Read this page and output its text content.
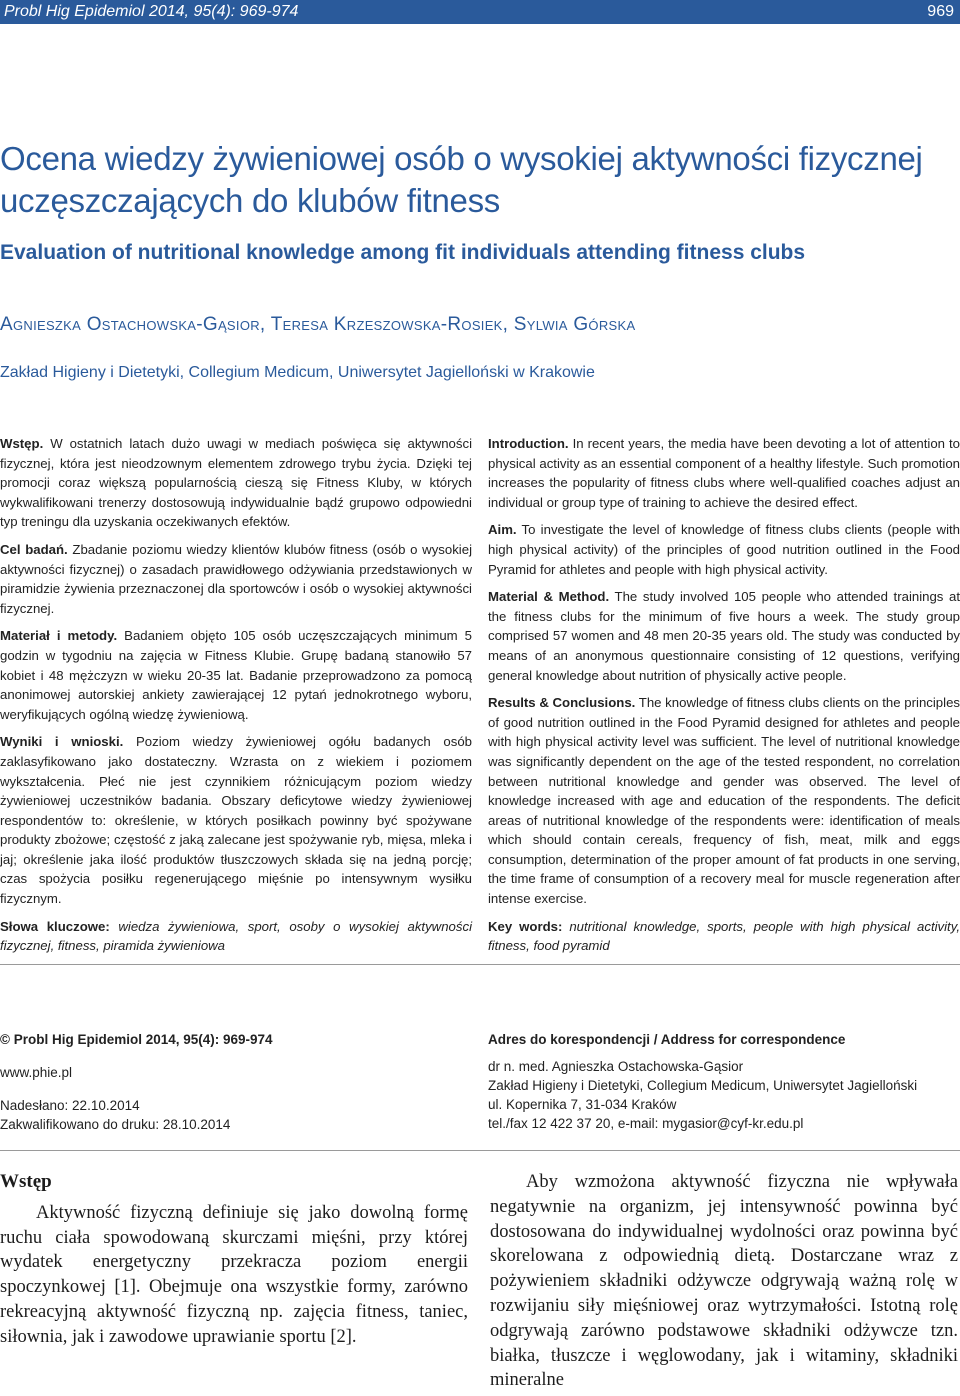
Probl Hig Epidemiol 2014, 95(4): 969-974	969
Ocena wiedzy żywieniowej osób o wysokiej aktywności fizycznej uczęszczających do klubów fitness
Evaluation of nutritional knowledge among fit individuals attending fitness clubs
Agnieszka Ostachowska-Gąsior, Teresa Krzeszowska-Rosiek, Sylwia Górska
Zakład Higieny i Dietetyki, Collegium Medicum, Uniwersytet Jagielloński w Krakowie

Wstęp. W ostatnich latach dużo uwagi w mediach poświęca się aktywności fizycznej, która jest nieodzownym elementem zdrowego trybu życia. Dzięki tej promocji coraz większą popularnością cieszą się Fitness Kluby, w których wykwalifikowani trenerzy dostosowują indywidualnie bądź grupowo odpowiedni typ treningu dla uzyskania oczekiwanych efektów.

Cel badań. Zbadanie poziomu wiedzy klientów klubów fitness (osób o wysokiej aktywności fizycznej) o zasadach prawidłowego odżywiania przedstawionych w piramidzie żywienia przeznaczonej dla sportowców i osób o wysokiej aktywności fizycznej.

Materiał i metody. Badaniem objęto 105 osób uczęszczających minimum 5 godzin w tygodniu na zajęcia w Fitness Klubie. Grupę badaną stanowiło 57 kobiet i 48 mężczyzn w wieku 20-35 lat. Badanie przeprowadzono za pomocą anonimowej autorskiej ankiety zawierającej 12 pytań jednokrotnego wyboru, weryfikujących ogólną wiedzę żywieniową.

Wyniki i wnioski. Poziom wiedzy żywieniowej ogółu badanych osób zaklasyfikowano jako dostateczny. Wzrasta on z wiekiem i poziomem wykształcenia. Płeć nie jest czynnikiem różnicującym poziom wiedzy żywieniowej uczestników badania. Obszary deficytowe wiedzy żywieniowej respondentów to: określenie, w których posiłkach powinny być spożywane produkty zbożowe; częstość z jaką zalecane jest spożywanie ryb, mięsa, mleka i jaj; określenie jaka ilość produktów tłuszczowych składa się na jedną porcję; czas spożycia posiłku regenerującego mięśnie po intensywnym wysiłku fizycznym.

Słowa kluczowe: wiedza żywieniowa, sport, osoby o wysokiej aktywności fizycznej, fitness, piramida żywieniowa

Introduction. In recent years, the media have been devoting a lot of attention to physical activity as an essential component of a healthy lifestyle. Such promotion increases the popularity of fitness clubs where well-qualified coaches adjust an individual or group type of training to achieve the desired effect.

Aim. To investigate the level of knowledge of fitness clubs clients (people with high physical activity) of the principles of good nutrition outlined in the Food Pyramid for athletes and people with high physical activity.

Material & Method. The study involved 105 people who attended trainings at the fitness clubs for the minimum of five hours a week. The study group comprised 57 women and 48 men 20-35 years old. The study was conducted by means of an anonymous questionnaire consisting of 12 questions, verifying general knowledge about nutrition of physically active people.

Results & Conclusions. The knowledge of fitness clubs clients on the principles of good nutrition outlined in the Food Pyramid designed for athletes and people with high physical activity level was sufficient. The level of nutritional knowledge was significantly dependent on the age of the tested respondent, no correlation between nutritional knowledge and gender was observed. The level of knowledge increased with age and education of the respondents. The deficit areas of nutritional knowledge of the respondents were: identification of meals which should contain cereals, frequency of fish, meat, milk and eggs consumption, determination of the proper amount of fat products in one serving, the time frame of consumption of a recovery meal for muscle regeneration after intense exercise.

Key words: nutritional knowledge, sports, people with high physical activity, fitness, food pyramid

© Probl Hig Epidemiol 2014, 95(4): 969-974

www.phie.pl

Nadesłano: 22.10.2014

Zakwalifikowano do druku: 28.10.2014

Adres do korespondencji / Address for correspondence

dr n. med. Agnieszka Ostachowska-Gąsior

Zakład Higieny i Dietetyki, Collegium Medicum, Uniwersytet Jagielloński

ul. Kopernika 7, 31-034 Kraków

tel./fax 12 422 37 20, e-mail: mygasior@cyf-kr.edu.pl

Wstęp

Aktywność fizyczną definiuje się jako dowolną formę ruchu ciała spowodowaną skurczami mięśni, przy której wydatek energetyczny przekracza poziom energii spoczynkowej [1]. Obejmuje ona wszystkie formy, zarówno rekreacyjną aktywność fizyczną np. zajęcia fitness, taniec, siłownia, jak i zawodowe uprawianie sportu [2].

Aby wzmożona aktywność fizyczna nie wpływała negatywnie na organizm, jej intensywność powinna być dostosowana do indywidualnej wydolności oraz powinna być skorelowana z odpowiednią dietą. Dostarczane wraz z pożywieniem składniki odżywcze odgrywają ważną rolę w rozwijaniu siły mięśniowej oraz wytrzymałości. Istotną rolę odgrywają zarówno podstawowe składniki odżywcze tzn. białka, tłuszcze i węglowodany, jak i witaminy, składniki mineralne
